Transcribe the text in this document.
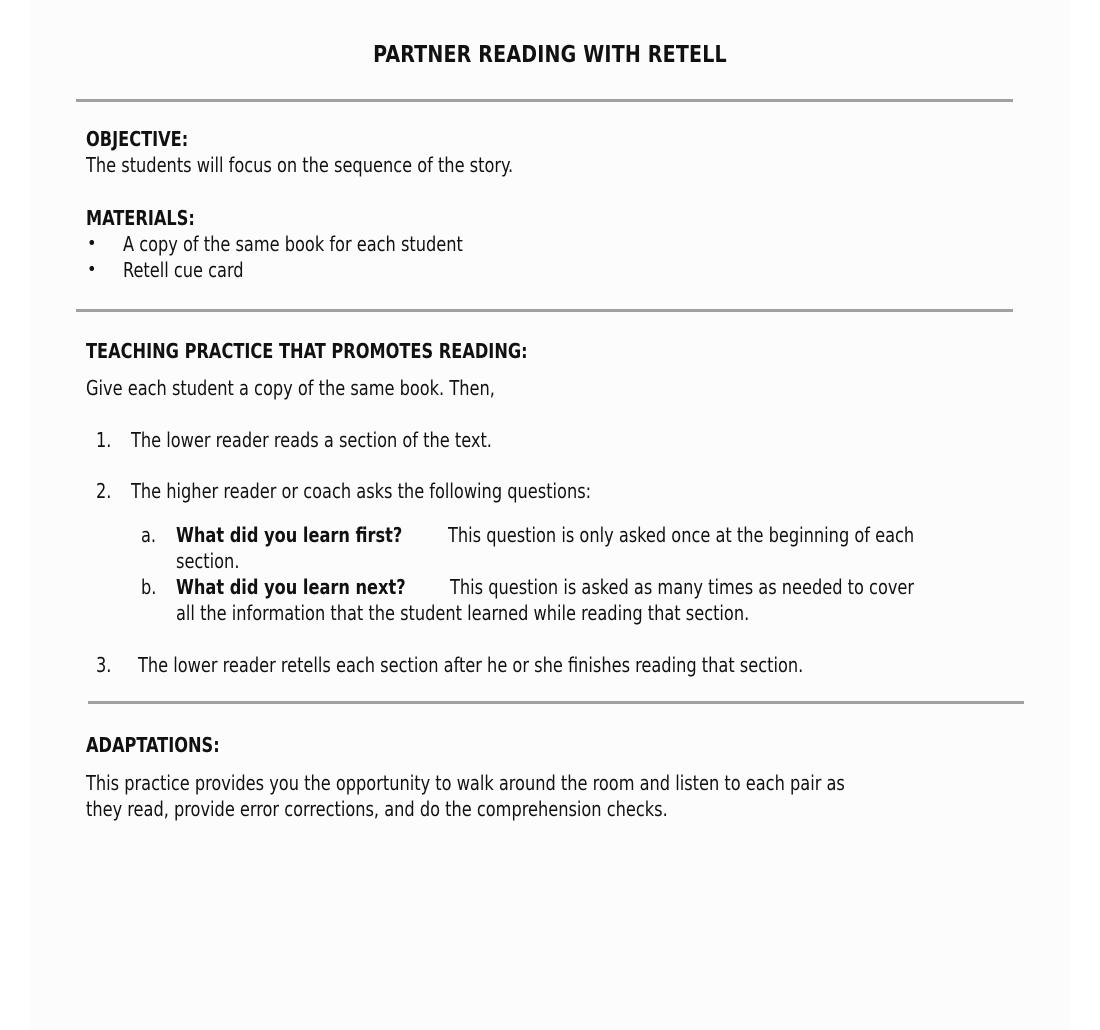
PARTNER READING WITH RETELL
OBJECTIVE:
The students will focus on the sequence of the story.
MATERIALS:
• A copy of the same book for each student
• Retell cue card
TEACHING PRACTICE THAT PROMOTES READING:
Give each student a copy of the same book. Then,
1. The lower reader reads a section of the text.
2. The higher reader or coach asks the following questions:
a. What did you learn first? This question is only asked once at the beginning of each
section.
b. What did you learn next? This question is asked as many times as needed to cover
all the information that the student learned while reading that section.
3. The lower reader retells each section after he or she finishes reading that section.
ADAPTATIONS:
This practice provides you the opportunity to walk around the room and listen to each pair as
they read, provide error corrections, and do the comprehension checks.
